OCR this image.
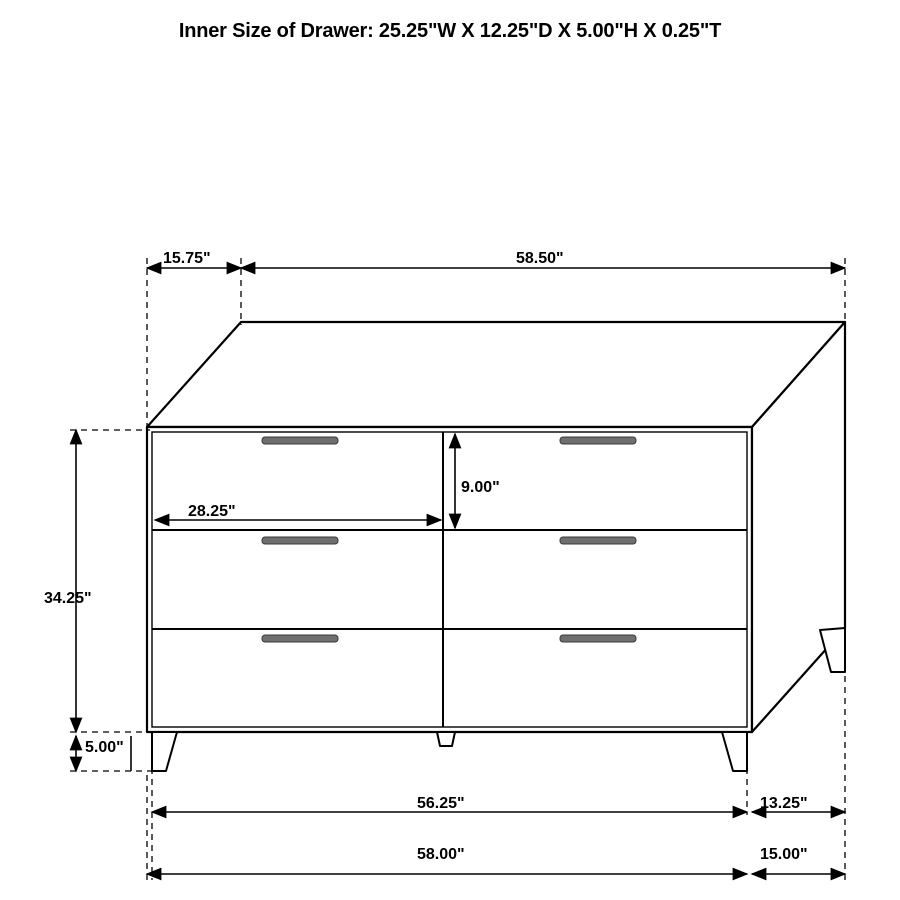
Inner Size of Drawer: 25.25"W X 12.25"D X 5.00"H X 0.25"T
15.75"	58.50"
28.25"
9.00"
34.25"
5.00"
56.25"	13.25"
58.00"	15.00"
